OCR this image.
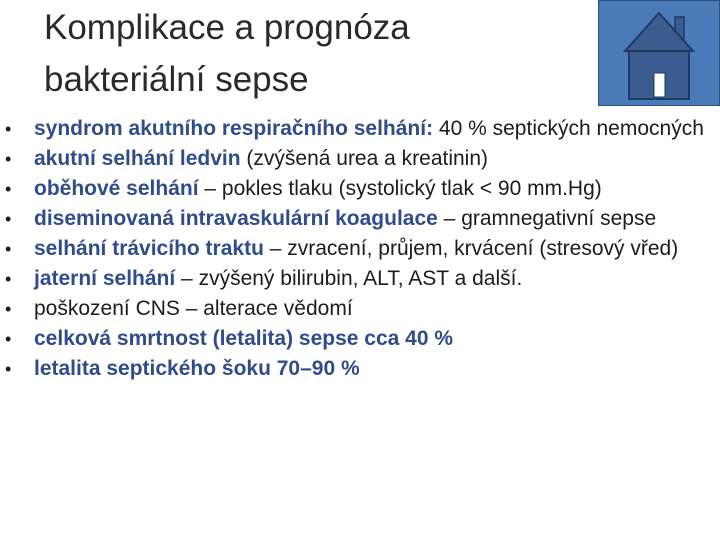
Komplikace a prognóza
bakteriální sepse
• syndrom akutního respiračního selhání: 40 % septických nemocných
• akutní selhání ledvin (zvýšená urea a kreatinin)
• oběhové selhání – pokles tlaku (systolický tlak < 90 mm.Hg)
• diseminovaná intravaskulární koagulace – gramnegativní sepse
• selhání trávicího traktu – zvracení, průjem, krvácení (stresový vřed)
• jaterní selhání – zvýšený bilirubin, ALT, AST a další.
• poškození CNS – alterace vědomí
• celková smrtnost (letalita) sepse cca 40 %
• letalita septického šoku 70–90 %
